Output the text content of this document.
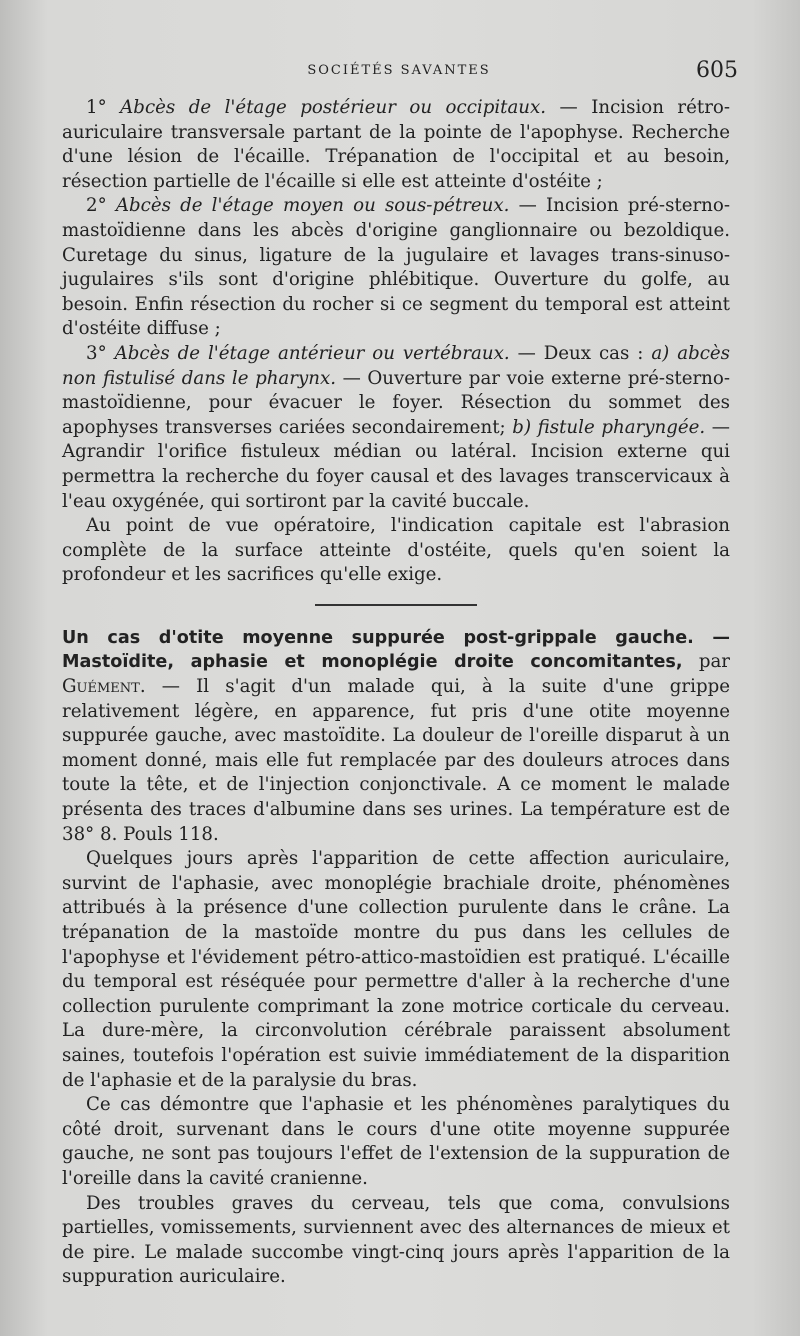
SOCIÉTÉS SAVANTES	605

1° Abcès de l'étage postérieur ou occipitaux. — Incision rétro-auriculaire transversale partant de la pointe de l'apophyse. Recherche d'une lésion de l'écaille. Trépanation de l'occipital et au besoin, résection partielle de l'écaille si elle est atteinte d'ostéite ;

2° Abcès de l'étage moyen ou sous-pétreux. — Incision pré-sterno-mastoïdienne dans les abcès d'origine ganglionnaire ou bezoldique. Curetage du sinus, ligature de la jugulaire et lavages trans-sinuso-jugulaires s'ils sont d'origine phlébitique. Ouverture du golfe, au besoin. Enfin résection du rocher si ce segment du temporal est atteint d'ostéite diffuse ;

3° Abcès de l'étage antérieur ou vertébraux. — Deux cas : a) abcès non fistulisé dans le pharynx. — Ouverture par voie externe pré-sterno-mastoïdienne, pour évacuer le foyer. Résection du sommet des apophyses transverses cariées secondairement; b) fistule pharyngée. — Agrandir l'orifice fistuleux médian ou latéral. Incision externe qui permettra la recherche du foyer causal et des lavages transcervicaux à l'eau oxygénée, qui sortiront par la cavité buccale.

Au point de vue opératoire, l'indication capitale est l'abrasion complète de la surface atteinte d'ostéite, quels qu'en soient la profondeur et les sacrifices qu'elle exige.

Un cas d'otite moyenne suppurée post-grippale gauche. — Mastoïdite, aphasie et monoplégie droite concomitantes, par Guément. — Il s'agit d'un malade qui, à la suite d'une grippe relativement légère, en apparence, fut pris d'une otite moyenne suppurée gauche, avec mastoïdite. La douleur de l'oreille disparut à un moment donné, mais elle fut remplacée par des douleurs atroces dans toute la tête, et de l'injection conjonctivale. A ce moment le malade présenta des traces d'albumine dans ses urines. La température est de 38° 8. Pouls 118.

Quelques jours après l'apparition de cette affection auriculaire, survint de l'aphasie, avec monoplégie brachiale droite, phénomènes attribués à la présence d'une collection purulente dans le crâne. La trépanation de la mastoïde montre du pus dans les cellules de l'apophyse et l'évidement pétro-attico-mastoïdien est pratiqué. L'écaille du temporal est réséquée pour permettre d'aller à la recherche d'une collection purulente comprimant la zone motrice corticale du cerveau. La dure-mère, la circonvolution cérébrale paraissent absolument saines, toutefois l'opération est suivie immédiatement de la disparition de l'aphasie et de la paralysie du bras.

Ce cas démontre que l'aphasie et les phénomènes paralytiques du côté droit, survenant dans le cours d'une otite moyenne suppurée gauche, ne sont pas toujours l'effet de l'extension de la suppuration de l'oreille dans la cavité cranienne.

Des troubles graves du cerveau, tels que coma, convulsions partielles, vomissements, surviennent avec des alternances de mieux et de pire. Le malade succombe vingt-cinq jours après l'apparition de la suppuration auriculaire.
